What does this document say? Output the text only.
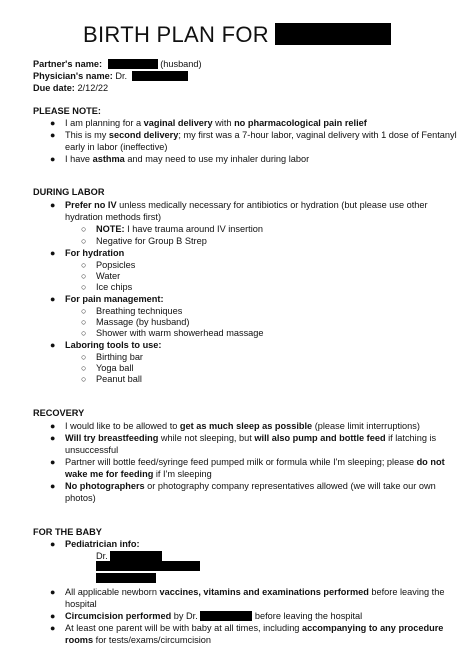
BIRTH PLAN FOR
Partner's name:	(husband)
Physician's name: Dr.
Due date: 2/12/22
PLEASE NOTE:
● I am planning for a vaginal delivery with no pharmacological pain relief
● This is my second delivery; my first was a 7-hour labor, vaginal delivery with 1 dose of Fentanyl
early in labor (ineffective)
● I have asthma and may need to use my inhaler during labor
DURING LABOR
● Prefer no IV unless medically necessary for antibiotics or hydration (but please use other
hydration methods first)
○ NOTE: I have trauma around IV insertion
○ Negative for Group B Strep
● For hydration
○ Popsicles
○ Water
○ Ice chips
● For pain management:
○ Breathing techniques
○ Massage (by husband)
○ Shower with warm showerhead massage
● Laboring tools to use:
○ Birthing bar
○ Yoga ball
○ Peanut ball
RECOVERY
● I would like to be allowed to get as much sleep as possible (please limit interruptions)
● Will try breastfeeding while not sleeping, but will also pump and bottle feed if latching is
unsuccessful
● Partner will bottle feed/syringe feed pumped milk or formula while I'm sleeping; please do not
wake me for feeding if I'm sleeping
● No photographers or photography company representatives allowed (we will take our own
photos)
FOR THE BABY
● Pediatrician info:
Dr.
● All applicable newborn vaccines, vitamins and examinations performed before leaving the
hospital
● Circumcision performed by Dr.	before leaving the hospital
● At least one parent will be with baby at all times, including accompanying to any procedure
rooms for tests/exams/circumcision
